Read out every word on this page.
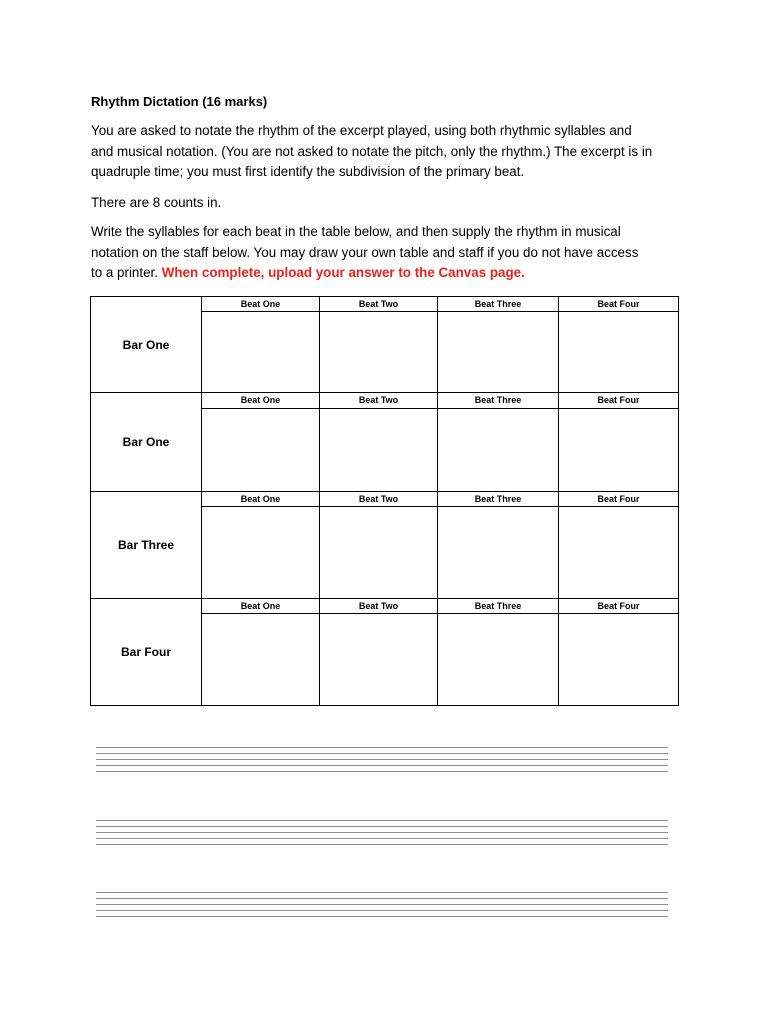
Rhythm Dictation (16 marks)
You are asked to notate the rhythm of the excerpt played, using both rhythmic syllables and
and musical notation. (You are not asked to notate the pitch, only the rhythm.) The excerpt is in
quadruple time; you must first identify the subdivision of the primary beat.
There are 8 counts in.
Write the syllables for each beat in the table below, and then supply the rhythm in musical
notation on the staff below. You may draw your own table and staff if you do not have access
to a printer. When complete, upload your answer to the Canvas page.
Bar One	Beat One	Beat Two	Beat Three	Beat Four

Bar One	Beat One	Beat Two	Beat Three	Beat Four

Bar Three	Beat One	Beat Two	Beat Three	Beat Four

Bar Four	Beat One	Beat Two	Beat Three	Beat Four
